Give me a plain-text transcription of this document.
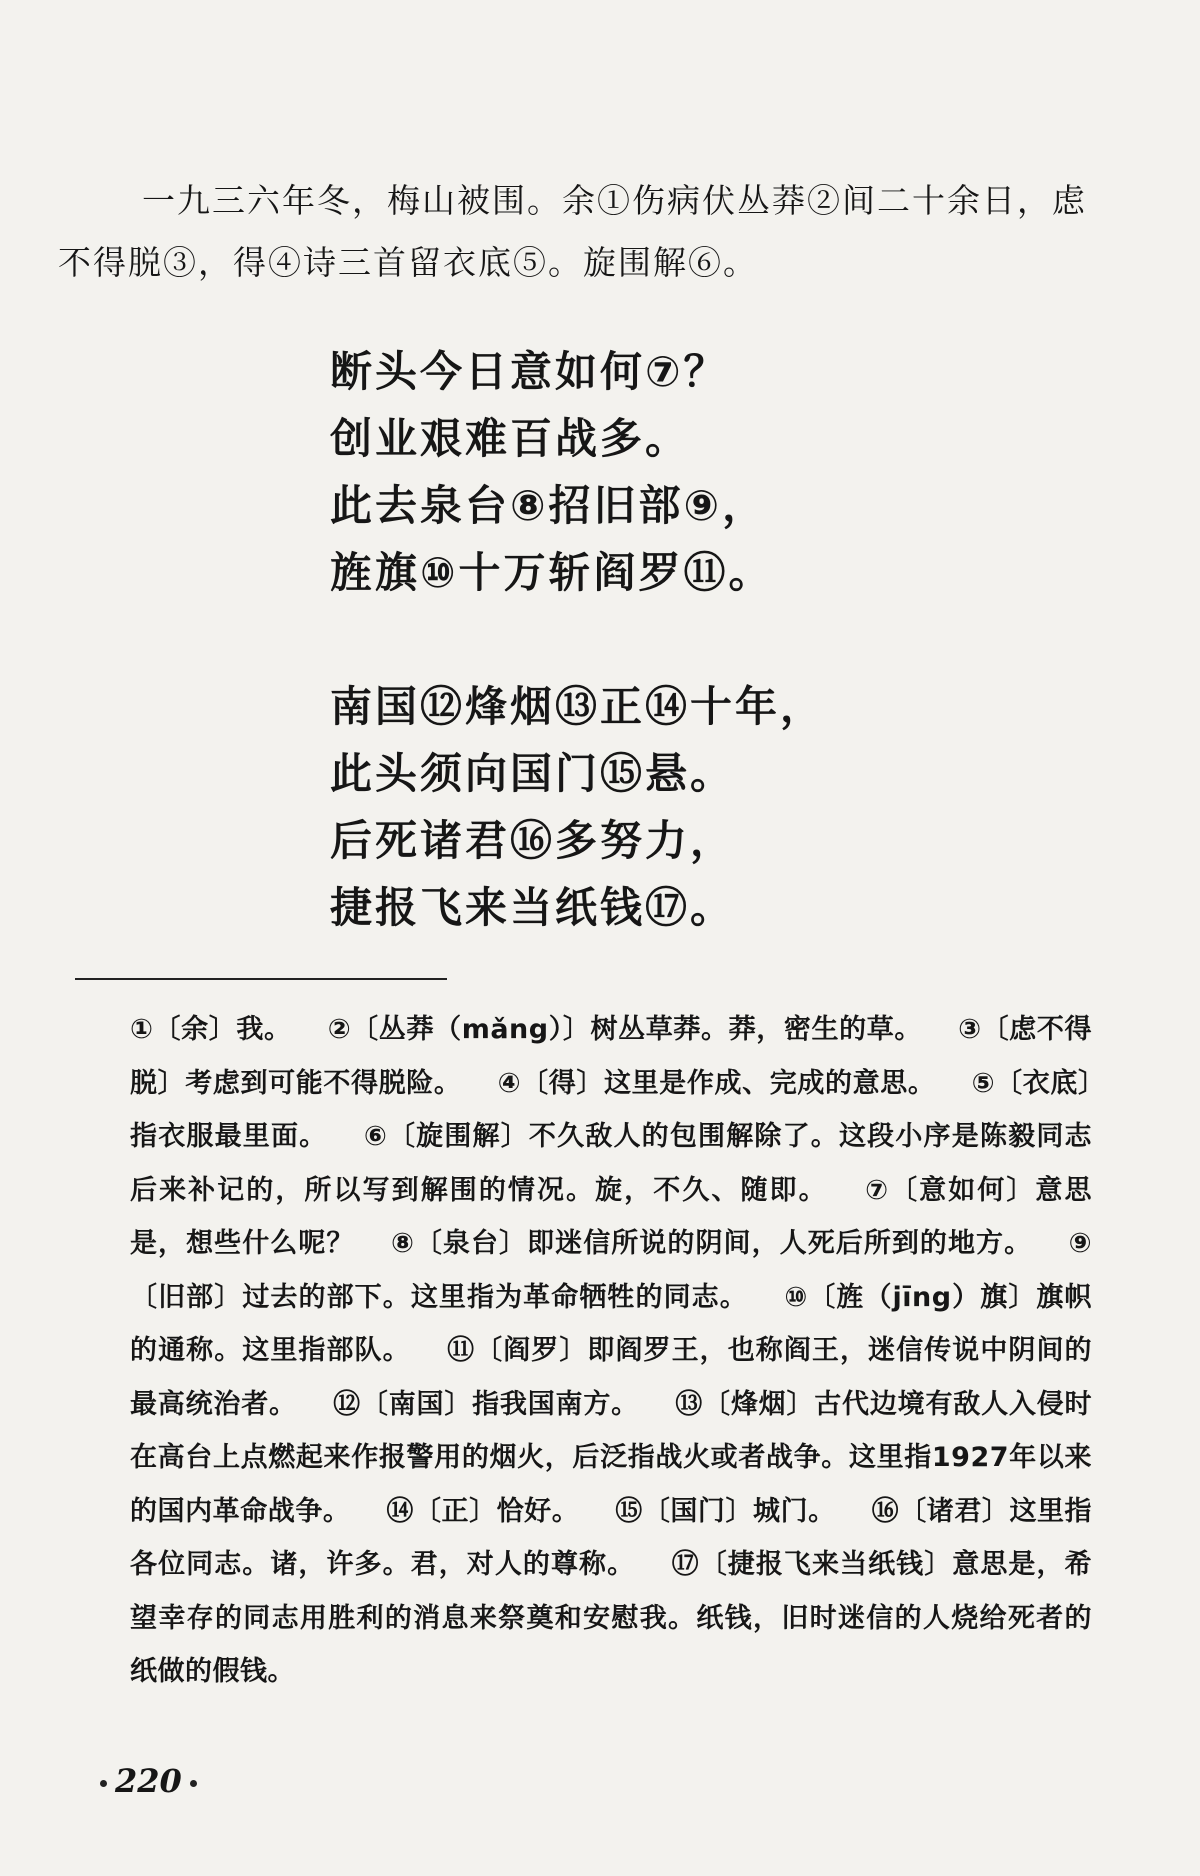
一九三六年冬，梅山被围。余①伤病伏丛莽②间二十余日，虑不得脱③，得④诗三首留衣底⑤。旋围解⑥。
断头今日意如何⑦？
创业艰难百战多。
此去泉台⑧招旧部⑨，
旌旗⑩十万斩阎罗⑪。
南国⑫烽烟⑬正⑭十年，
此头须向国门⑮悬。
后死诸君⑯多努力，
捷报飞来当纸钱⑰。
①〔余〕我。 ②〔丛莽（mǎng）〕树丛草莽。莽，密生的草。 ③〔虑不得脱〕考虑到可能不得脱险。 ④〔得〕这里是作成、完成的意思。 ⑤〔衣底〕指衣服最里面。 ⑥〔旋围解〕不久敌人的包围解除了。这段小序是陈毅同志后来补记的，所以写到解围的情况。旋，不久、随即。 ⑦〔意如何〕意思是，想些什么呢？ ⑧〔泉台〕即迷信所说的阴间，人死后所到的地方。 ⑨〔旧部〕过去的部下。这里指为革命牺牲的同志。 ⑩〔旌（jīng）旗〕旗帜的通称。这里指部队。 ⑪〔阎罗〕即阎罗王，也称阎王，迷信传说中阴间的最高统治者。 ⑫〔南国〕指我国南方。 ⑬〔烽烟〕古代边境有敌人入侵时在高台上点燃起来作报警用的烟火，后泛指战火或者战争。这里指1927年以来的国内革命战争。 ⑭〔正〕恰好。 ⑮〔国门〕城门。 ⑯〔诸君〕这里指各位同志。诸，许多。君，对人的尊称。 ⑰〔捷报飞来当纸钱〕意思是，希望幸存的同志用胜利的消息来祭奠和安慰我。纸钱，旧时迷信的人烧给死者的纸做的假钱。
220
